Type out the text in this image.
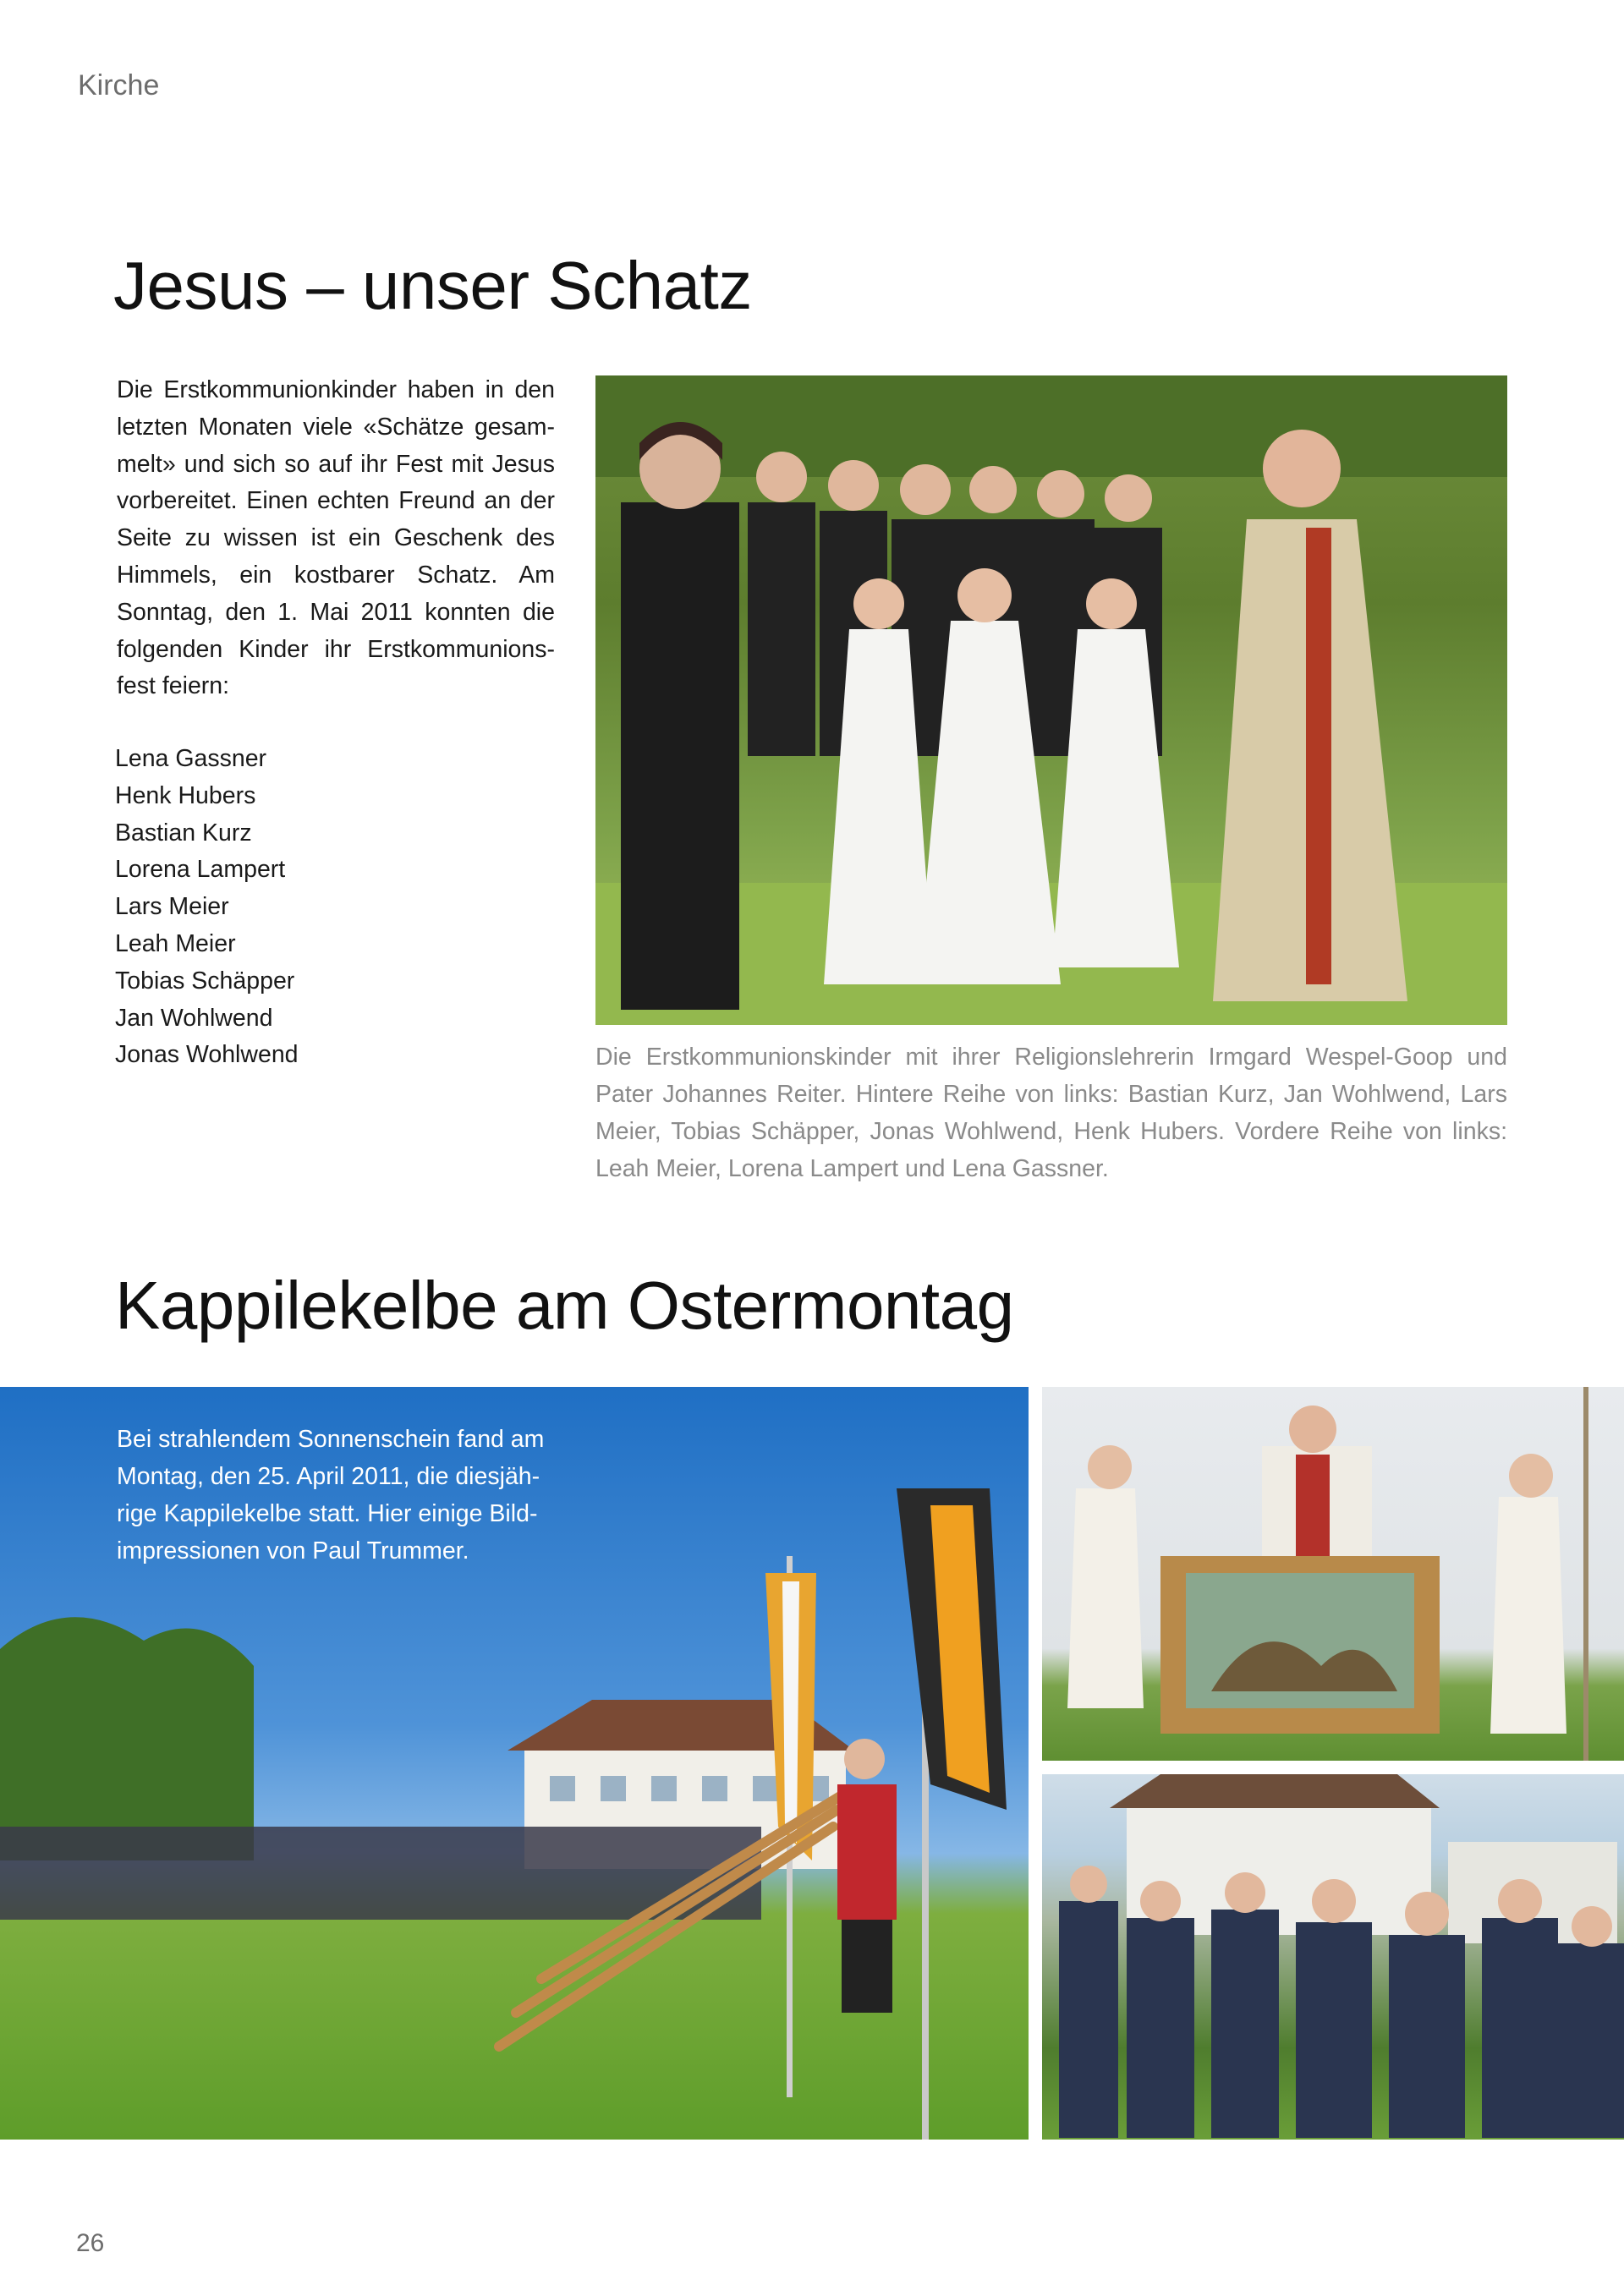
Kirche
Jesus – unser Schatz
Die Erstkommunionkinder haben in den letzten Monaten viele «Schätze gesammelt» und sich so auf ihr Fest mit Jesus vorbereitet. Einen echten Freund an der Seite zu wissen ist ein Geschenk des Himmels, ein kostbarer Schatz. Am Sonntag, den 1. Mai 2011 konnten die folgenden Kinder ihr Erstkommunionsfest feiern:
Lena Gassner
Henk Hubers
Bastian Kurz
Lorena Lampert
Lars Meier
Leah Meier
Tobias Schäpper
Jan Wohlwend
Jonas Wohlwend	Die Erstkommunionskinder mit ihrer Religionslehrerin Irmgard Wespel-Goop und Pater Johannes Reiter. Hintere Reihe von links: Bastian Kurz, Jan Wohlwend, Lars Meier, Tobias Schäpper, Jonas Wohlwend, Henk Hubers. Vordere Reihe von links: Leah Meier, Lorena Lampert und Lena Gassner.
Kappilekelbe am Ostermontag
Bei strahlendem Sonnenschein fand am Montag, den 25. April 2011, die diesjährige Kappilekelbe statt. Hier einige Bildimpressionen von Paul Trummer.
26
